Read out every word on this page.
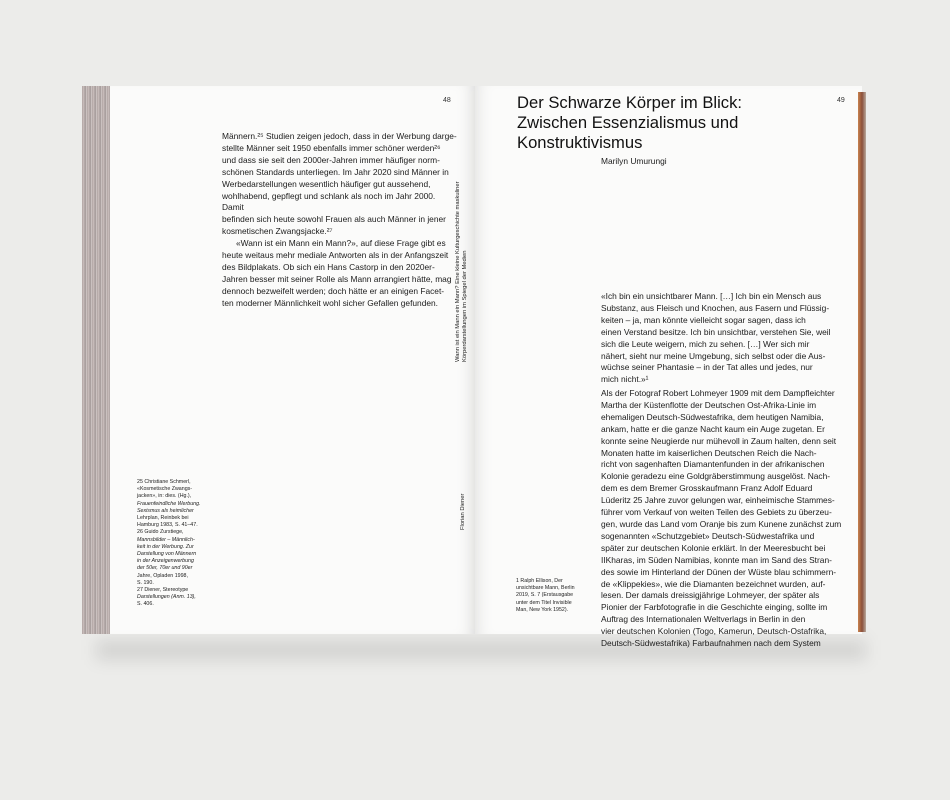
48

Männern.²⁵ Studien zeigen jedoch, dass in der Werbung darge-

stellte Männer seit 1950 ebenfalls immer schöner werden²⁶

und dass sie seit den 2000er-Jahren immer häufiger norm-

schönen Standards unterliegen. Im Jahr 2020 sind Männer in

Werbedarstellungen wesentlich häufiger gut aussehend,

wohlhabend, gepflegt und schlank als noch im Jahr 2000. Damit

befinden sich heute sowohl Frauen als auch Männer in jener

kosmetischen Zwangsjacke.²⁷

«Wann ist ein Mann ein Mann?», auf diese Frage gibt es

heute weitaus mehr mediale Antworten als in der Anfangszeit

des Bildplakats. Ob sich ein Hans Castorp in den 2020er-

Jahren besser mit seiner Rolle als Mann arrangiert hätte, mag

dennoch bezweifelt werden; doch hätte er an einigen Facet-

ten moderner Männlichkeit wohl sicher Gefallen gefunden.	Wann ist ein Mann ein Mann? Eine kleine Kulturgeschichte maskuliner
Körperdarstellungen im Spiegel der Medien
Florian Diener
25 Christiane Schmerl,
«Kosmetische Zwangs-
jacken», in: dies. (Hg.),
Frauenfeindliche Werbung.
Sexismus als heimlicher
Lehrplan, Reinbek bei
Hamburg 1983, S. 41–47.
26 Guido Zurstiege,
Mannsbilder – Männlich-
keit in der Werbung. Zur
Darstellung von Männern
in der Anzeigenwerbung
der 50er, 70er und 90er
Jahre, Opladen 1998,
S. 190.
27 Diener, Stereotype
Darstellungen (Anm. 13),
S. 406.
49
Der Schwarze Körper im Blick:
Zwischen Essenzialismus und
Konstruktivismus
Marilyn Umurungi
«Ich bin ein unsichtbarer Mann. […] Ich bin ein Mensch aus
Substanz, aus Fleisch und Knochen, aus Fasern und Flüssig-
keiten – ja, man könnte vielleicht sogar sagen, dass ich
einen Verstand besitze. Ich bin unsichtbar, verstehen Sie, weil
sich die Leute weigern, mich zu sehen. […] Wer sich mir
nähert, sieht nur meine Umgebung, sich selbst oder die Aus-
wüchse seiner Phantasie – in der Tat alles und jedes, nur
mich nicht.»¹
Als der Fotograf Robert Lohmeyer 1909 mit dem Dampfleichter
Martha der Küstenflotte der Deutschen Ost-Afrika-Linie im
ehemaligen Deutsch-Südwestafrika, dem heutigen Namibia,
ankam, hatte er die ganze Nacht kaum ein Auge zugetan. Er
konnte seine Neugierde nur mühevoll in Zaum halten, denn seit
Monaten hatte im kaiserlichen Deutschen Reich die Nach-
richt von sagenhaften Diamantenfunden in der afrikanischen
Kolonie geradezu eine Goldgräberstimmung ausgelöst. Nach-
dem es dem Bremer Grosskaufmann Franz Adolf Eduard
Lüderitz 25 Jahre zuvor gelungen war, einheimische Stammes-
führer vom Verkauf von weiten Teilen des Gebiets zu überzeu-
gen, wurde das Land vom Oranje bis zum Kunene zunächst zum
sogenannten «Schutzgebiet» Deutsch-Südwestafrika und
später zur deutschen Kolonie erklärt. In der Meeresbucht bei
IIKharas, im Süden Namibias, konnte man im Sand des Stran-
des sowie im Hinterland der Dünen der Wüste blau schimmern-
de «Klippekies», wie die Diamanten bezeichnet wurden, auf-
lesen. Der damals dreissigjährige Lohmeyer, der später als
Pionier der Farbfotografie in die Geschichte einging, sollte im
Auftrag des Internationalen Weltverlags in Berlin in den
vier deutschen Kolonien (Togo, Kamerun, Deutsch-Ostafrika,
Deutsch-Südwestafrika) Farbaufnahmen nach dem System
1 Ralph Ellison, Der
unsichtbare Mann, Berlin
2019, S. 7 (Erstausgabe
unter dem Titel Invisible
Man, New York 1952).
